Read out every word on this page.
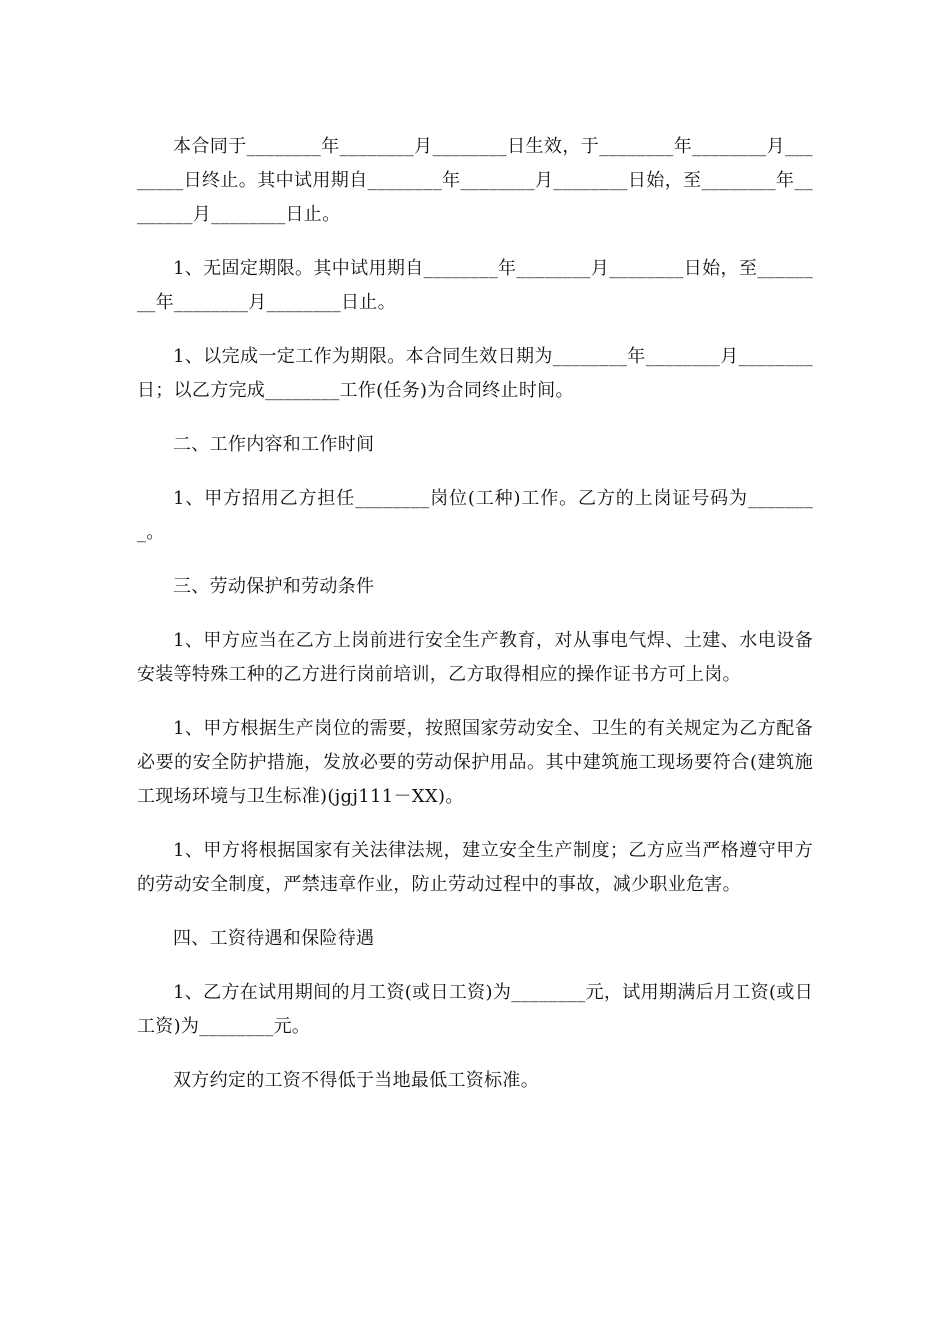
本合同于________年________月________日生效，于________年________月________日终止。其中试用期自________年________月________日始，至________年________月________日止。

1、无固定期限。其中试用期自________年________月________日始，至________年________月________日止。

1、以完成一定工作为期限。本合同生效日期为________年________月________日；以乙方完成________工作(任务)为合同终止时间。

二、工作内容和工作时间

1、甲方招用乙方担任________岗位(工种)工作。乙方的上岗证号码为________。

三、劳动保护和劳动条件

1、甲方应当在乙方上岗前进行安全生产教育，对从事电气焊、土建、水电设备安装等特殊工种的乙方进行岗前培训，乙方取得相应的操作证书方可上岗。

1、甲方根据生产岗位的需要，按照国家劳动安全、卫生的有关规定为乙方配备必要的安全防护措施，发放必要的劳动保护用品。其中建筑施工现场要符合(建筑施工现场环境与卫生标准)(jgj111－XX)。

1、甲方将根据国家有关法律法规，建立安全生产制度；乙方应当严格遵守甲方的劳动安全制度，严禁违章作业，防止劳动过程中的事故，减少职业危害。

四、工资待遇和保险待遇

1、乙方在试用期间的月工资(或日工资)为________元，试用期满后月工资(或日工资)为________元。

双方约定的工资不得低于当地最低工资标准。
